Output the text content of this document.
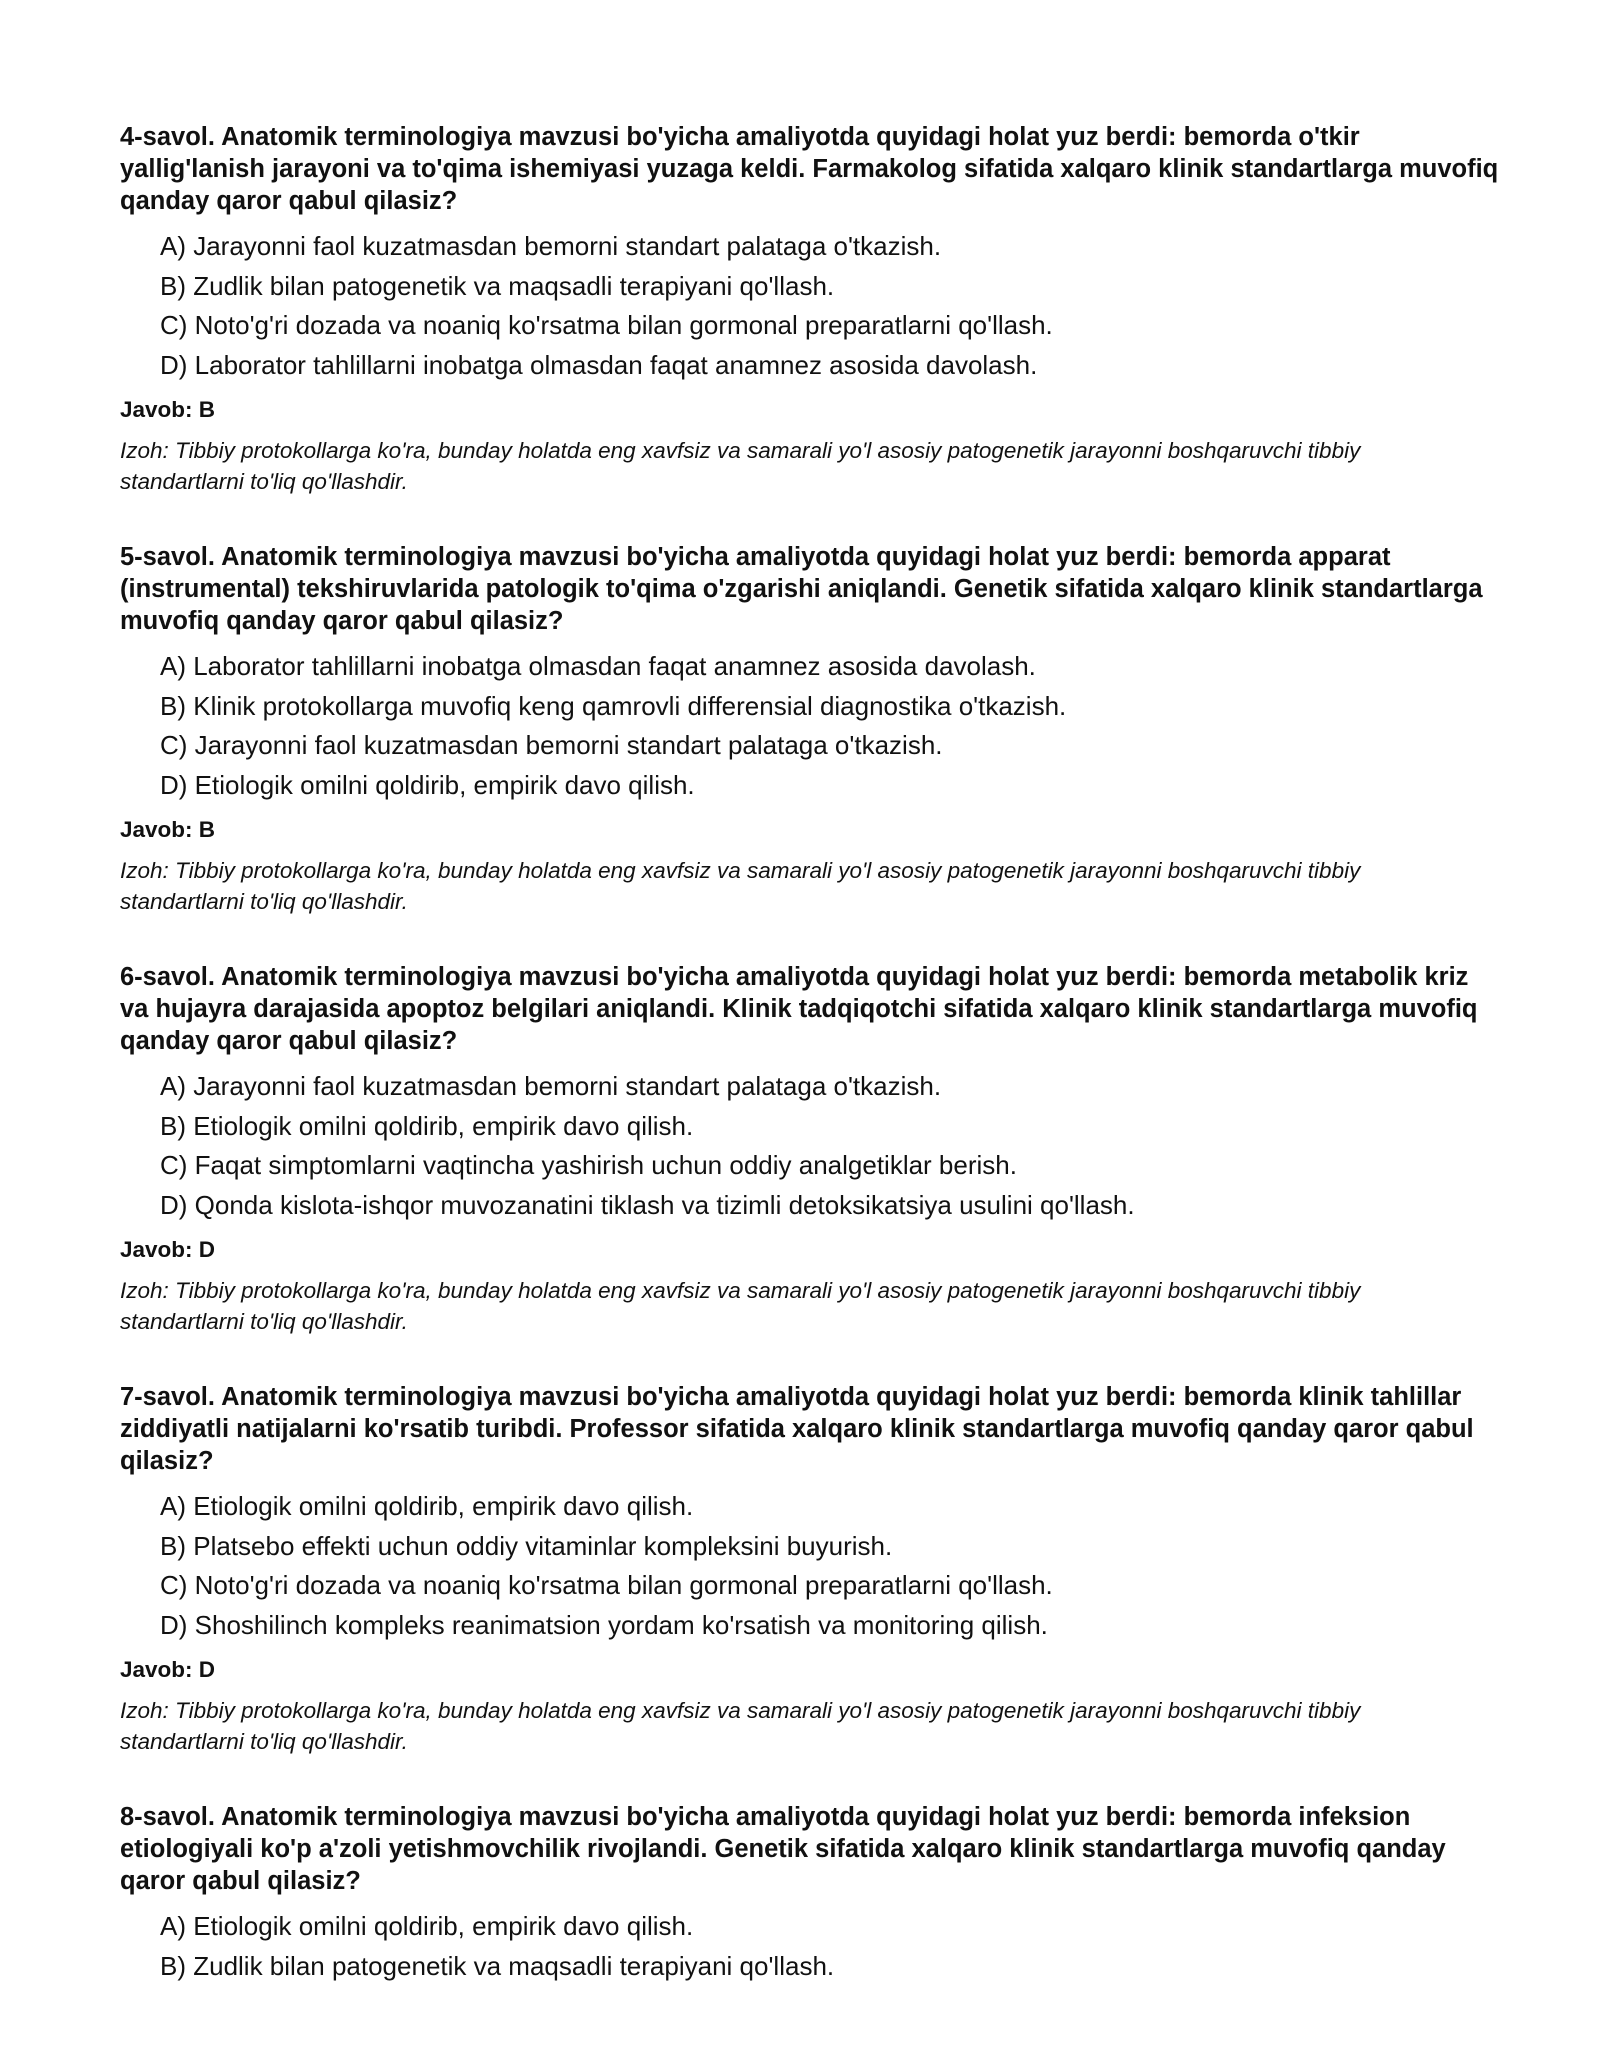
4-savol. Anatomik terminologiya mavzusi bo'yicha amaliyotda quyidagi holat yuz berdi: bemorda o'tkir yallig'lanish jarayoni va to'qima ishemiyasi yuzaga keldi. Farmakolog sifatida xalqaro klinik standartlarga muvofiq qanday qaror qabul qilasiz?
A) Jarayonni faol kuzatmasdan bemorni standart palataga o'tkazish.
B) Zudlik bilan patogenetik va maqsadli terapiyani qo'llash.
C) Noto'g'ri dozada va noaniq ko'rsatma bilan gormonal preparatlarni qo'llash.
D) Laborator tahlillarni inobatga olmasdan faqat anamnez asosida davolash.
Javob: B
Izoh: Tibbiy protokollarga ko'ra, bunday holatda eng xavfsiz va samarali yo'l asosiy patogenetik jarayonni boshqaruvchi tibbiy standartlarni to'liq qo'llashdir.
5-savol. Anatomik terminologiya mavzusi bo'yicha amaliyotda quyidagi holat yuz berdi: bemorda apparat (instrumental) tekshiruvlarida patologik to'qima o'zgarishi aniqlandi. Genetik sifatida xalqaro klinik standartlarga muvofiq qanday qaror qabul qilasiz?
A) Laborator tahlillarni inobatga olmasdan faqat anamnez asosida davolash.
B) Klinik protokollarga muvofiq keng qamrovli differensial diagnostika o'tkazish.
C) Jarayonni faol kuzatmasdan bemorni standart palataga o'tkazish.
D) Etiologik omilni qoldirib, empirik davo qilish.
Javob: B
Izoh: Tibbiy protokollarga ko'ra, bunday holatda eng xavfsiz va samarali yo'l asosiy patogenetik jarayonni boshqaruvchi tibbiy standartlarni to'liq qo'llashdir.
6-savol. Anatomik terminologiya mavzusi bo'yicha amaliyotda quyidagi holat yuz berdi: bemorda metabolik kriz va hujayra darajasida apoptoz belgilari aniqlandi. Klinik tadqiqotchi sifatida xalqaro klinik standartlarga muvofiq qanday qaror qabul qilasiz?
A) Jarayonni faol kuzatmasdan bemorni standart palataga o'tkazish.
B) Etiologik omilni qoldirib, empirik davo qilish.
C) Faqat simptomlarni vaqtincha yashirish uchun oddiy analgetiklar berish.
D) Qonda kislota-ishqor muvozanatini tiklash va tizimli detoksikatsiya usulini qo'llash.
Javob: D
Izoh: Tibbiy protokollarga ko'ra, bunday holatda eng xavfsiz va samarali yo'l asosiy patogenetik jarayonni boshqaruvchi tibbiy standartlarni to'liq qo'llashdir.
7-savol. Anatomik terminologiya mavzusi bo'yicha amaliyotda quyidagi holat yuz berdi: bemorda klinik tahlillar ziddiyatli natijalarni ko'rsatib turibdi. Professor sifatida xalqaro klinik standartlarga muvofiq qanday qaror qabul qilasiz?
A) Etiologik omilni qoldirib, empirik davo qilish.
B) Platsebo effekti uchun oddiy vitaminlar kompleksini buyurish.
C) Noto'g'ri dozada va noaniq ko'rsatma bilan gormonal preparatlarni qo'llash.
D) Shoshilinch kompleks reanimatsion yordam ko'rsatish va monitoring qilish.
Javob: D
Izoh: Tibbiy protokollarga ko'ra, bunday holatda eng xavfsiz va samarali yo'l asosiy patogenetik jarayonni boshqaruvchi tibbiy standartlarni to'liq qo'llashdir.
8-savol. Anatomik terminologiya mavzusi bo'yicha amaliyotda quyidagi holat yuz berdi: bemorda infeksion etiologiyali ko'p a'zoli yetishmovchilik rivojlandi. Genetik sifatida xalqaro klinik standartlarga muvofiq qanday qaror qabul qilasiz?
A) Etiologik omilni qoldirib, empirik davo qilish.
B) Zudlik bilan patogenetik va maqsadli terapiyani qo'llash.
